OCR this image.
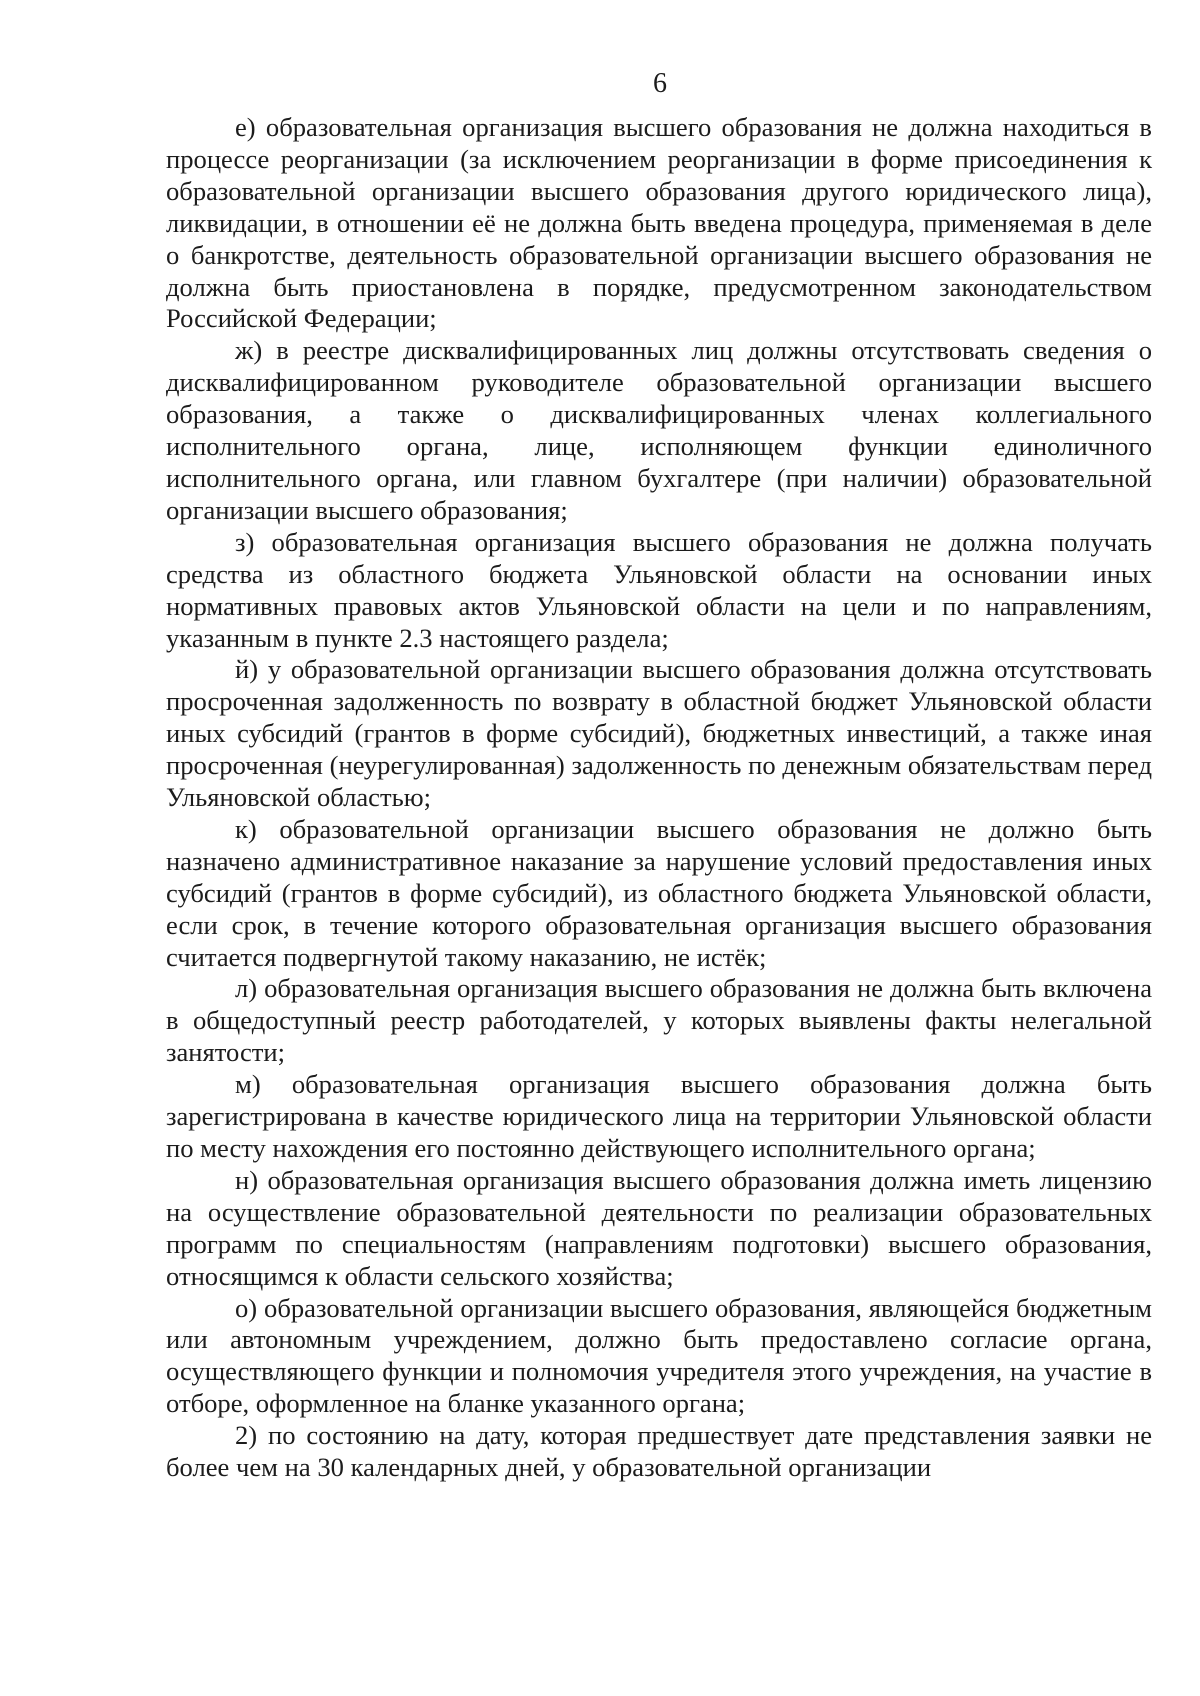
6

е) образовательная организация высшего образования не должна находиться в процессе реорганизации (за исключением реорганизации в форме присоединения к образовательной организации высшего образования другого юридического лица), ликвидации, в отношении её не должна быть введена процедура, применяемая в деле о банкротстве, деятельность образовательной организации высшего образования не должна быть приостановлена в порядке, предусмотренном законодательством Российской Федерации;

ж) в реестре дисквалифицированных лиц должны отсутствовать сведения о дисквалифицированном руководителе образовательной организации высшего образования, а также о дисквалифицированных членах коллегиального исполнительного органа, лице, исполняющем функции единоличного исполнительного органа, или главном бухгалтере (при наличии) образовательной организации высшего образования;

з) образовательная организация высшего образования не должна получать средства из областного бюджета Ульяновской области на основании иных нормативных правовых актов Ульяновской области на цели и по направлениям, указанным в пункте 2.3 настоящего раздела;

й) у образовательной организации высшего образования должна отсутствовать просроченная задолженность по возврату в областной бюджет Ульяновской области иных субсидий (грантов в форме субсидий), бюджетных инвестиций, а также иная просроченная (неурегулированная) задолженность по денежным обязательствам перед Ульяновской областью;

к) образовательной организации высшего образования не должно быть назначено административное наказание за нарушение условий предоставления иных субсидий (грантов в форме субсидий), из областного бюджета Ульяновской области, если срок, в течение которого образовательная организация высшего образования считается подвергнутой такому наказанию, не истёк;

л) образовательная организация высшего образования не должна быть включена в общедоступный реестр работодателей, у которых выявлены факты нелегальной занятости;

м) образовательная организация высшего образования должна быть зарегистрирована в качестве юридического лица на территории Ульяновской области по месту нахождения его постоянно действующего исполнительного органа;

н) образовательная организация высшего образования должна иметь лицензию на осуществление образовательной деятельности по реализации образовательных программ по специальностям (направлениям подготовки) высшего образования, относящимся к области сельского хозяйства;

о) образовательной организации высшего образования, являющейся бюджетным или автономным учреждением, должно быть предоставлено согласие органа, осуществляющего функции и полномочия учредителя этого учреждения, на участие в отборе, оформленное на бланке указанного органа;

2) по состоянию на дату, которая предшествует дате представления заявки не более чем на 30 календарных дней, у образовательной организации
